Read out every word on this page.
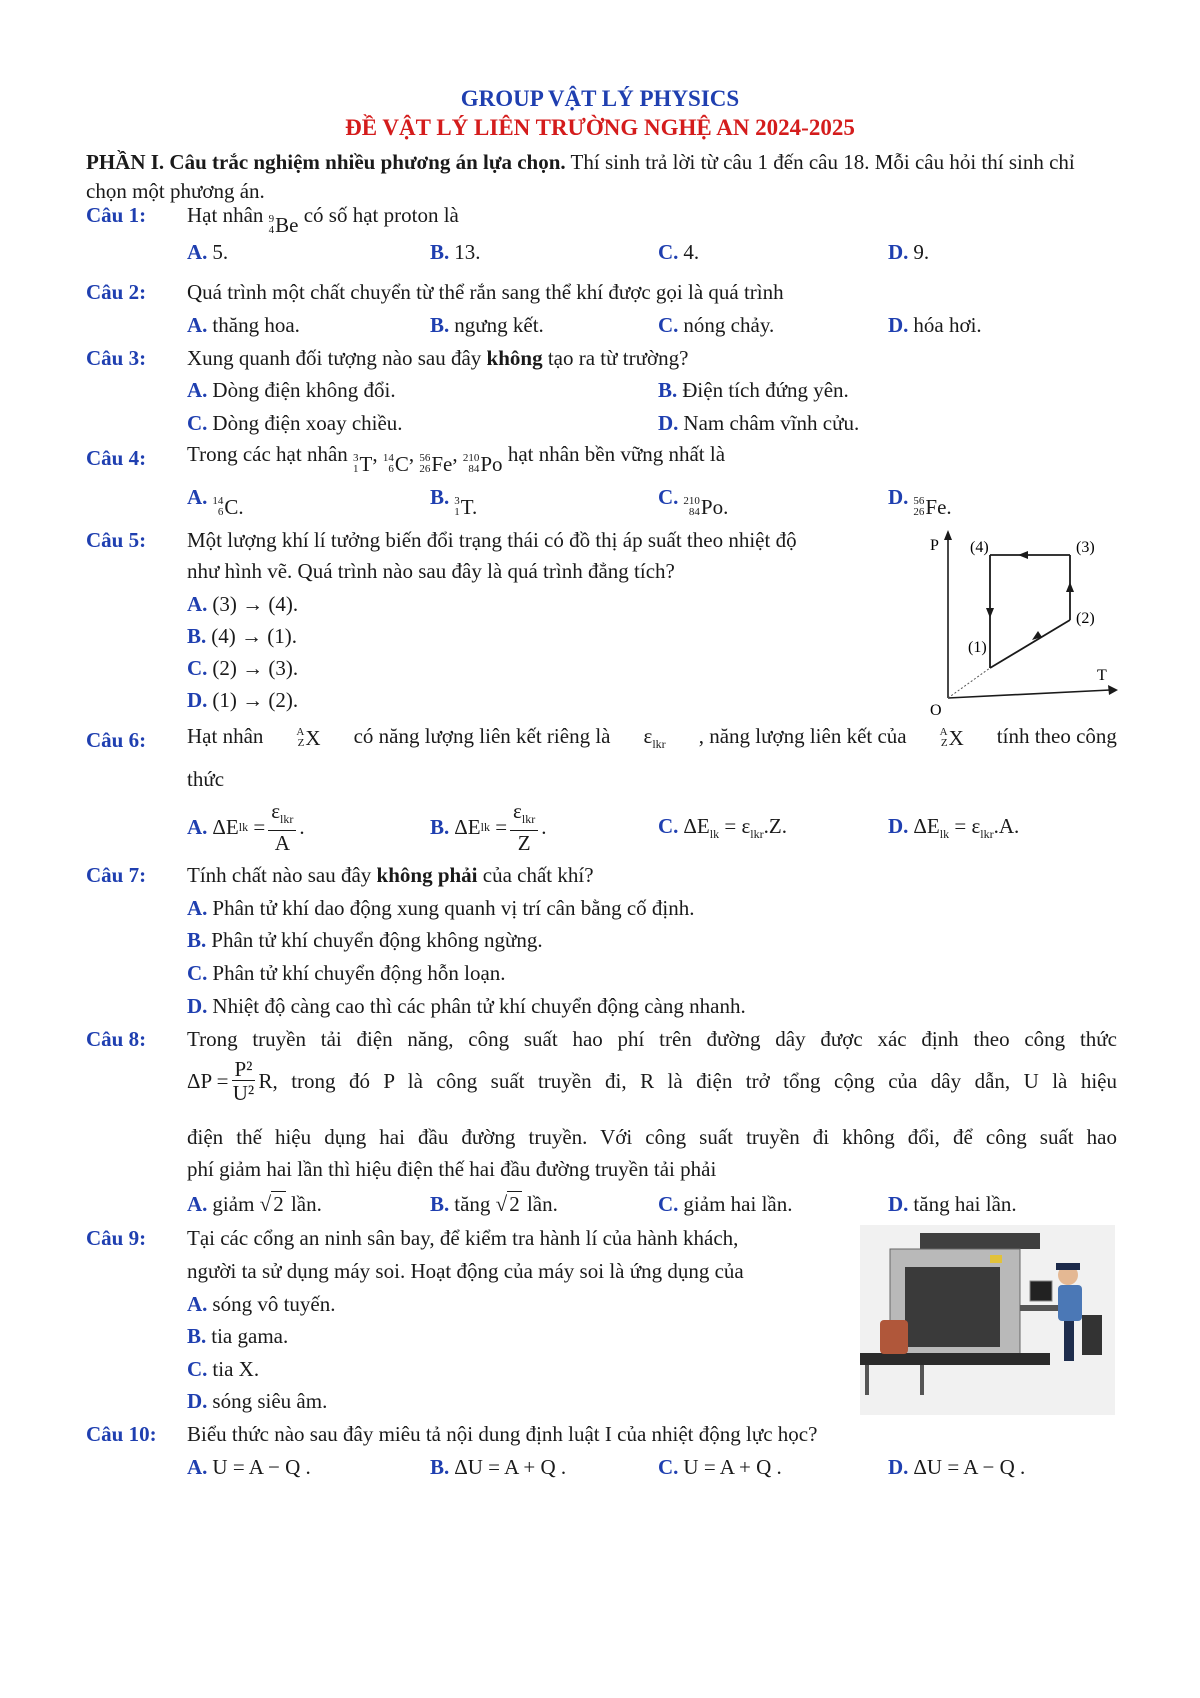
GROUP VẬT LÝ PHYSICS
ĐỀ VẬT LÝ LIÊN TRƯỜNG NGHỆ AN 2024-2025
PHẦN I. Câu trắc nghiệm nhiều phương án lựa chọn. Thí sinh trả lời từ câu 1 đến câu 18. Mỗi câu hỏi thí sinh chỉ chọn một phương án.
Câu 1: Hạt nhân 9
4 Be có số hạt proton là
A. 5.	B. 13.	C. 4.	D. 9.
Câu 2: Quá trình một chất chuyển từ thể rắn sang thể khí được gọi là quá trình
A. thăng hoa.	B. ngưng kết.	C. nóng chảy.	D. hóa hơi.
Câu 3: Xung quanh đối tượng nào sau đây không tạo ra từ trường?
A. Dòng điện không đổi.	B. Điện tích đứng yên.
C. Dòng điện xoay chiều.	D. Nam châm vĩnh cửu.
Câu 4: Trong các hạt nhân 3
1 T , 14
6 C , 56
26 Fe , 210
84 Po hạt nhân bền vững nhất là
A. 14
6 C.	B. 3
1 T.	C. 210
84 Po.	D. 56
26 Fe.
Câu 5: Một lượng khí lí tưởng biến đổi trạng thái có đồ thị áp suất theo nhiệt độ
như hình vẽ. Quá trình nào sau đây là quá trình đẳng tích?
A. (3) → (4).
B. (4) → (1).
C. (2) → (3).
D. (1) → (2).
P
T
O
(1)
(2)
(3)
(4)
Câu 6: Hạt nhân	A
Z X có năng lượng liên kết riêng là $\varepsilon_{lkr}$ , năng lượng liên kết của	A
Z X tính theo công
thức
A. ΔE lk = $\frac{\varepsilon_{lkr}}{A}$ .	B. ΔE lk = $\frac{\varepsilon_{lkr}}{Z}$ .	C. $\Delta E_{lk} = \varepsilon_{lkr}.Z$.	D. $\Delta E_{lk} = \varepsilon_{lkr}.A$.
Câu 7: Tính chất nào sau đây không phải của chất khí?
A. Phân tử khí dao động xung quanh vị trí cân bằng cố định.
B. Phân tử khí chuyển động không ngừng.
C. Phân tử khí chuyển động hỗn loạn.
D. Nhiệt độ càng cao thì các phân tử khí chuyển động càng nhanh.
Câu 8: Trong truyền tải điện năng, công suất hao phí trên đường dây được xác định theo công thức
$\Delta P = \frac{\text{P²}}{\text{U²}}$ R , trong đó P là công suất truyền đi, R là điện trở tổng cộng của dây dẫn, U là hiệu
điện thế hiệu dụng hai đầu đường truyền. Với công suất truyền đi không đổi, để công suất hao
phí giảm hai lần thì hiệu điện thế hai đầu đường truyền tải phải
A. giảm √2 lần.	B. tăng √2 lần.	C. giảm hai lần.	D. tăng hai lần.
Câu 9: Tại các cổng an ninh sân bay, để kiểm tra hành lí của hành khách,
người ta sử dụng máy soi. Hoạt động của máy soi là ứng dụng của
A. sóng vô tuyến.
B. tia gama.
C. tia X.
D. sóng siêu âm.
Câu 10: Biểu thức nào sau đây miêu tả nội dung định luật I của nhiệt động lực học?
A. U = A − Q .	B. ΔU = A + Q .	C. U = A + Q .	D. ΔU = A − Q .
